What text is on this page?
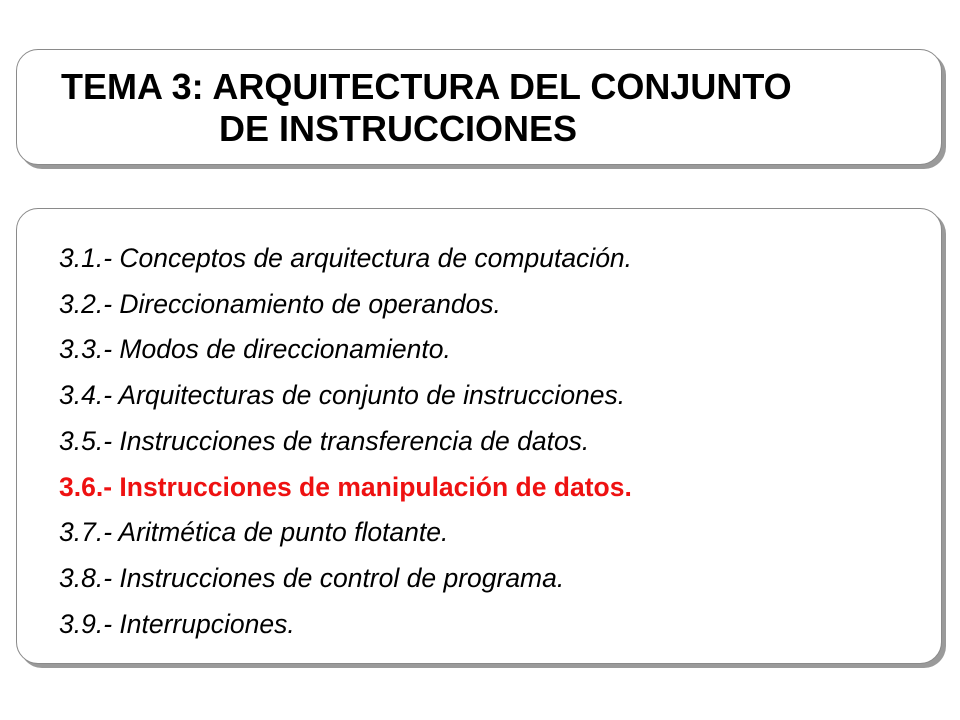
TEMA 3: ARQUITECTURA DEL CONJUNTO
DE INSTRUCCIONES
3.1.- Conceptos de arquitectura de computación.
3.2.- Direccionamiento de operandos.
3.3.- Modos de direccionamiento.
3.4.- Arquitecturas de conjunto de instrucciones.
3.5.- Instrucciones de transferencia de datos.
3.6.- Instrucciones de manipulación de datos.
3.7.- Aritmética de punto flotante.
3.8.- Instrucciones de control de programa.
3.9.- Interrupciones.
